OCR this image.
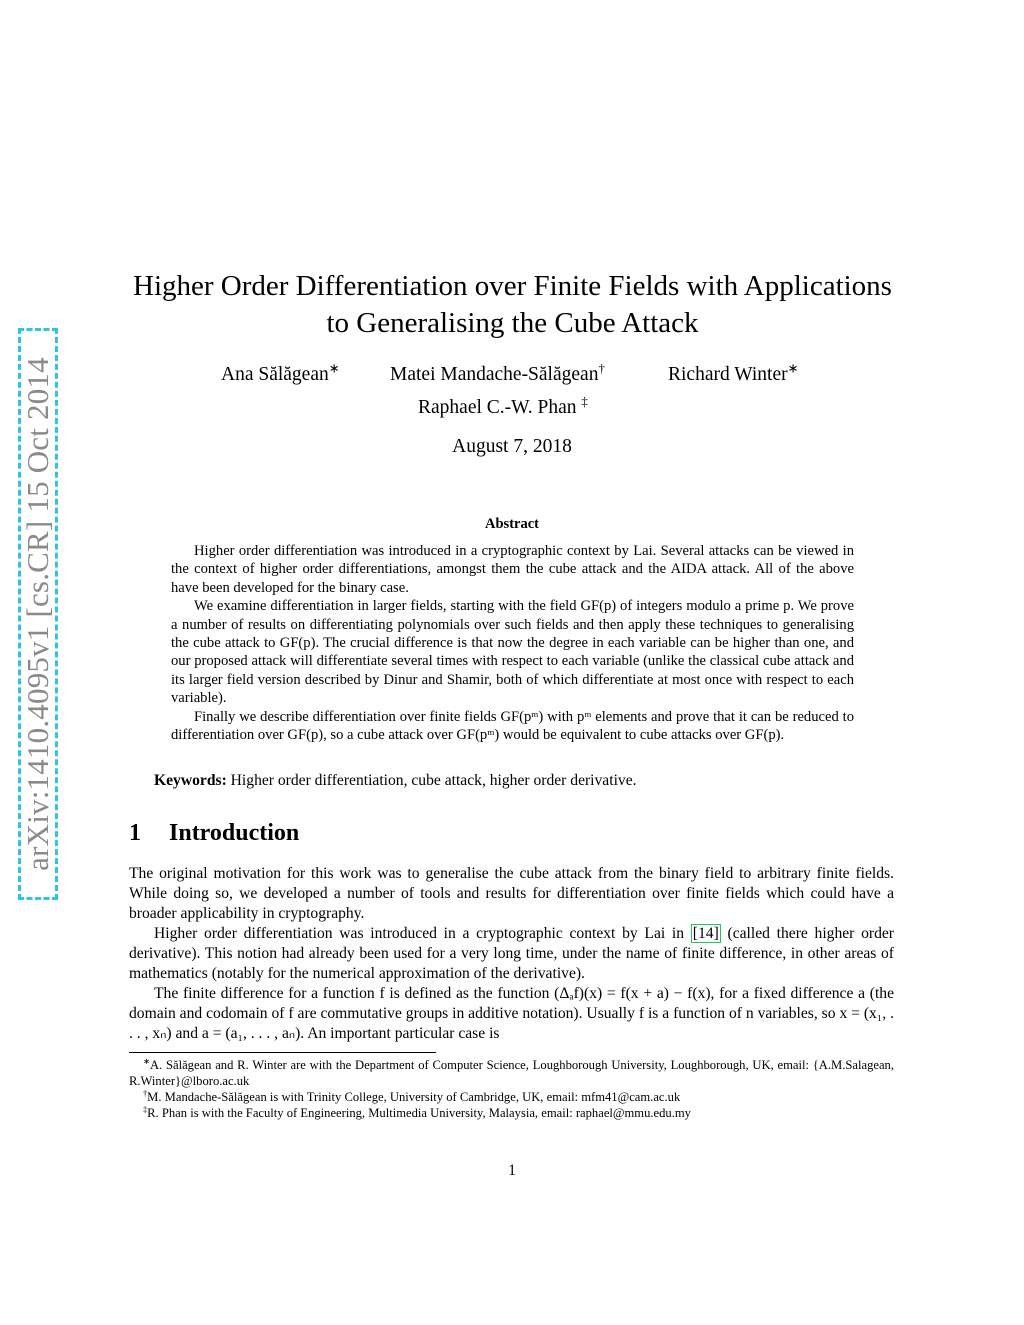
arXiv:1410.4095v1 [cs.CR] 15 Oct 2014
Higher Order Differentiation over Finite Fields with Applications
to Generalising the Cube Attack
Ana Sălăgean∗	Matei Mandache-Sălăgean†	Richard Winter∗
Raphael C.-W. Phan ‡
August 7, 2018
Abstract

Higher order differentiation was introduced in a cryptographic context by Lai. Several attacks can be viewed in the context of higher order differentiations, amongst them the cube attack and the AIDA attack. All of the above have been developed for the binary case.

We examine differentiation in larger fields, starting with the field GF(p) of integers modulo a prime p. We prove a number of results on differentiating polynomials over such fields and then apply these techniques to generalising the cube attack to GF(p). The crucial difference is that now the degree in each variable can be higher than one, and our proposed attack will differentiate several times with respect to each variable (unlike the classical cube attack and its larger field version described by Dinur and Shamir, both of which differentiate at most once with respect to each variable).

Finally we describe differentiation over finite fields GF(pᵐ) with pᵐ elements and prove that it can be reduced to differentiation over GF(p), so a cube attack over GF(pᵐ) would be equivalent to cube attacks over GF(p).

Keywords: Higher order differentiation, cube attack, higher order derivative.
1 Introduction

The original motivation for this work was to generalise the cube attack from the binary field to arbitrary finite fields. While doing so, we developed a number of tools and results for differentiation over finite fields which could have a broader applicability in cryptography.

Higher order differentiation was introduced in a cryptographic context by Lai in [14] (called there higher order derivative). This notion had already been used for a very long time, under the name of finite difference, in other areas of mathematics (notably for the numerical approximation of the derivative).

The finite difference for a function f is defined as the function (Δₐf)(x) = f(x + a) − f(x), for a fixed difference a (the domain and codomain of f are commutative groups in additive notation). Usually f is a function of n variables, so x = (x₁, . . . , xₙ) and a = (a₁, . . . , aₙ). An important particular case is

∗A. Sălăgean and R. Winter are with the Department of Computer Science, Loughborough University, Loughborough, UK, email: {A.M.Salagean, R.Winter}@lboro.ac.uk

†M. Mandache-Sălăgean is with Trinity College, University of Cambridge, UK, email: mfm41@cam.ac.uk

‡R. Phan is with the Faculty of Engineering, Multimedia University, Malaysia, email: raphael@mmu.edu.my

1
